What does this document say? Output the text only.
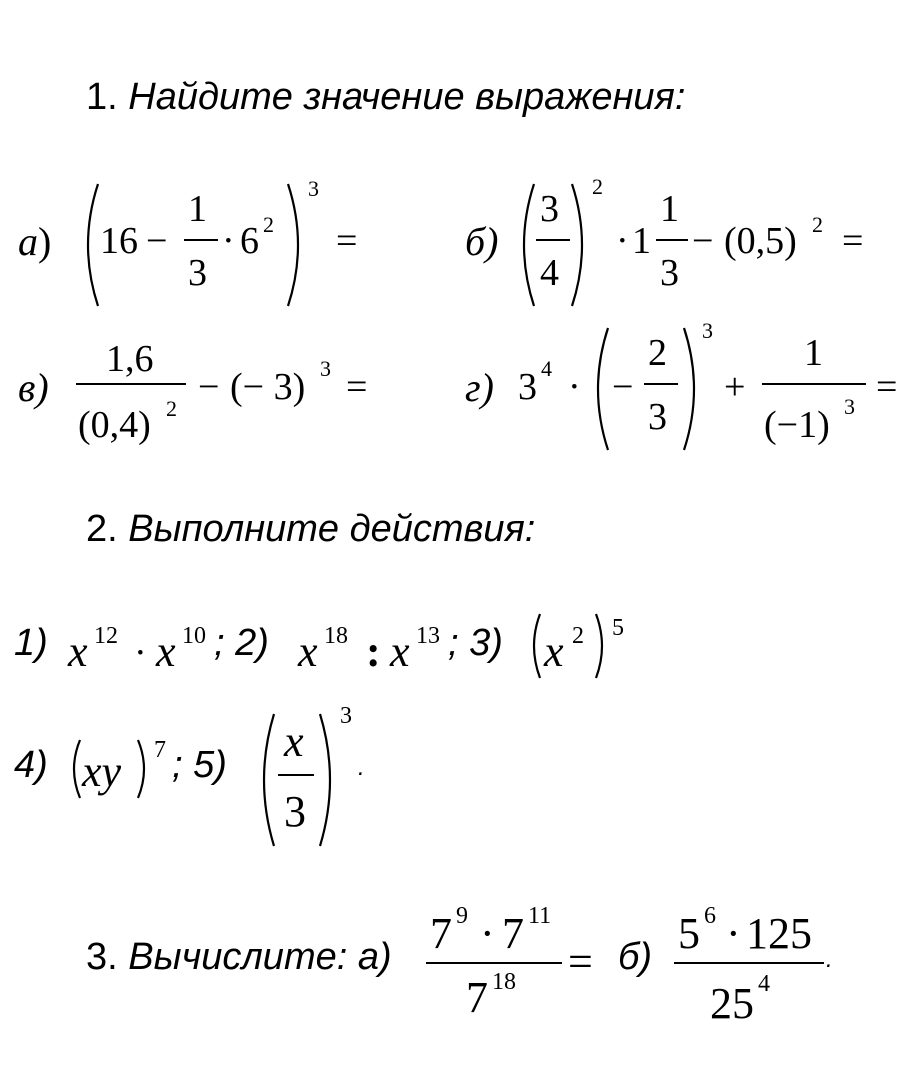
1. Найдите значение выражения:
а) 16 −
1
3
· 6 2
3
=	б)
3
4
2
· 1
1
3
− (0,5) 2 =
в)
1,6
(0,4) 2
− (− 3) 3 = г) 3 4 · −
2
3
3
+
1
(−1) 3 =
2. Выполните действия:
1) x 12 · x 10 ; 2) x 18 : x 13 ; 3) x 2 5
4) xy 7 ; 5) x
3
3
.
3. Вычислите: а) 7 9 · 7 11
7 18 = б) 5 6 · 125
25 4
.
